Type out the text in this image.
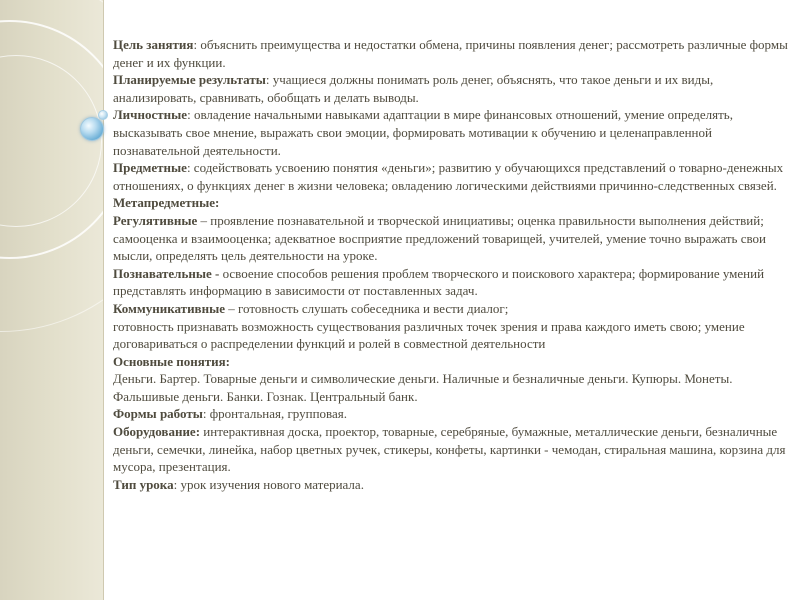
Цель занятия: объяснить преимущества и недостатки обмена, причины появления денег; рассмотреть различные формы денег и их функции.

Планируемые результаты: учащиеся должны понимать роль денег, объяснять, что такое деньги и их виды, анализировать, сравнивать, обобщать и делать выводы.

Личностные: овладение начальными навыками адаптации в мире финансовых отношений, умение определять, высказывать свое мнение, выражать свои эмоции, формировать мотивации к обучению и целенаправленной познавательной деятельности.

Предметные: содействовать усвоению понятия «деньги»; развитию у обучающихся представлений о товарно-денежных отношениях, о функциях денег в жизни человека; овладению логическими действиями причинно-следственных связей.

Метапредметные:

Регулятивные – проявление познавательной и творческой инициативы; оценка правильности выполнения действий; самооценка и взаимооценка; адекватное восприятие предложений товарищей, учителей, умение точно выражать свои мысли, определять цель деятельности на уроке.

Познавательные - освоение способов решения проблем творческого и поискового характера; формирование умений представлять информацию в зависимости от поставленных задач.

Коммуникативные – готовность слушать собеседника и вести диалог;

готовность признавать возможность существования различных точек зрения и права каждого иметь свою; умение договариваться о распределении функций и ролей в совместной деятельности

Основные понятия:

Деньги. Бартер. Товарные деньги и символические деньги. Наличные и безналичные деньги. Купюры. Монеты. Фальшивые деньги. Банки. Гознак. Центральный банк.

Формы работы: фронтальная, групповая.

Оборудование: интерактивная доска, проектор, товарные, серебряные, бумажные, металлические деньги, безналичные деньги, семечки, линейка, набор цветных ручек, стикеры, конфеты, картинки - чемодан, стиральная машина, корзина для мусора, презентация.

Тип урока: урок изучения нового материала.
